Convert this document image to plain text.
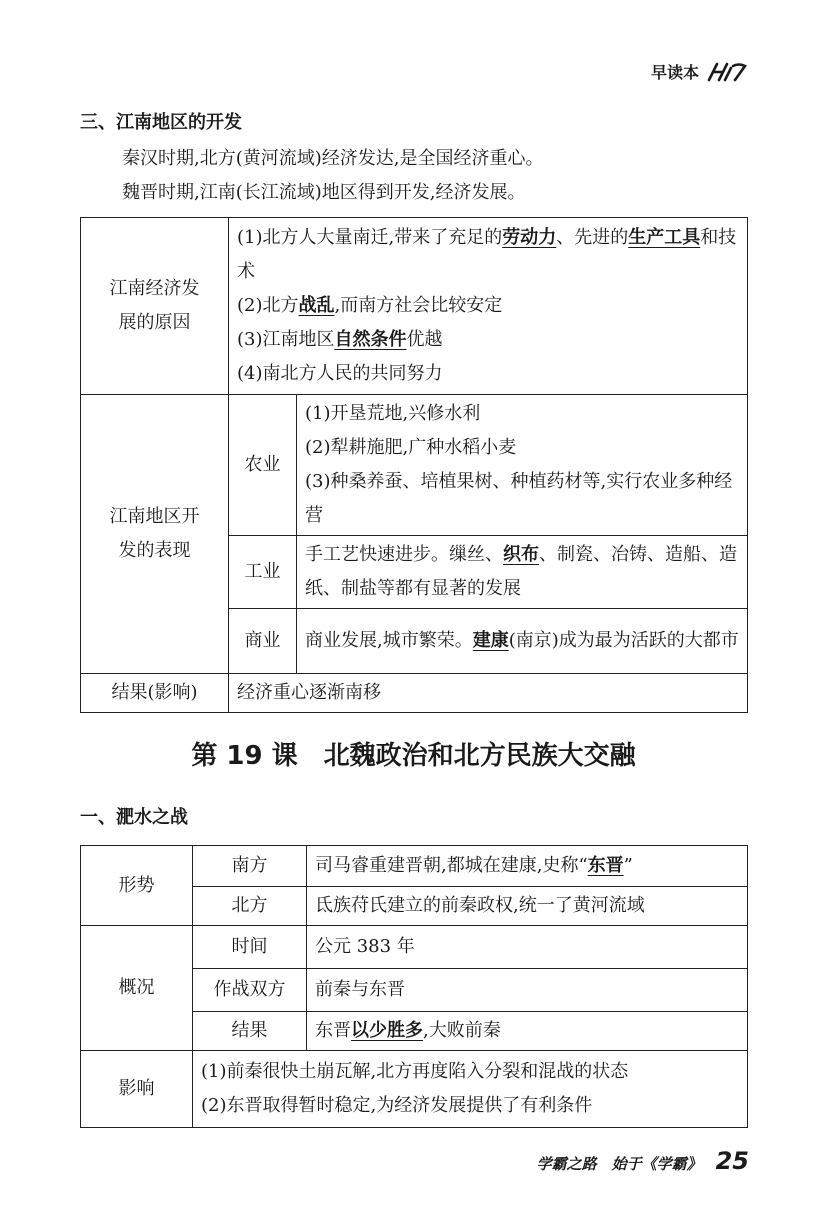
早读本
三、江南地区的开发
秦汉时期,北方(黄河流域)经济发达,是全国经济重心。
魏晋时期,江南(长江流域)地区得到开发,经济发展。
江南经济发展的原因	(1)北方人大量南迁,带来了充足的劳动力、先进的生产工具和技术
(2)北方战乱,而南方社会比较安定
(3)江南地区自然条件优越
(4)南北方人民的共同努力	

江南地区开发的表现	农业	(1)开垦荒地,兴修水利
(2)犁耕施肥,广种水稻小麦
(3)种桑养蚕、培植果树、种植药材等,实行农业多种经营

	工业	手工艺快速进步。缫丝、织布、制瓷、冶铸、造船、造纸、制盐等都有显著的发展
	商业	商业发展,城市繁荣。建康(南京)成为最为活跃的大都市
结果(影响)	经济重心逐渐南移	
第 19 课　北魏政治和北方民族大交融
一、淝水之战
形势	南方	司马睿重建晋朝,都城在建康,史称“东晋”
	北方	氐族苻氏建立的前秦政权,统一了黄河流域
概况	时间	公元 383 年
	作战双方	前秦与东晋
	结果	东晋以少胜多,大败前秦
影响	(1)前秦很快土崩瓦解,北方再度陷入分裂和混战的状态
(2)东晋取得暂时稳定,为经济发展提供了有利条件	
学霸之路　始于《学霸》 25
